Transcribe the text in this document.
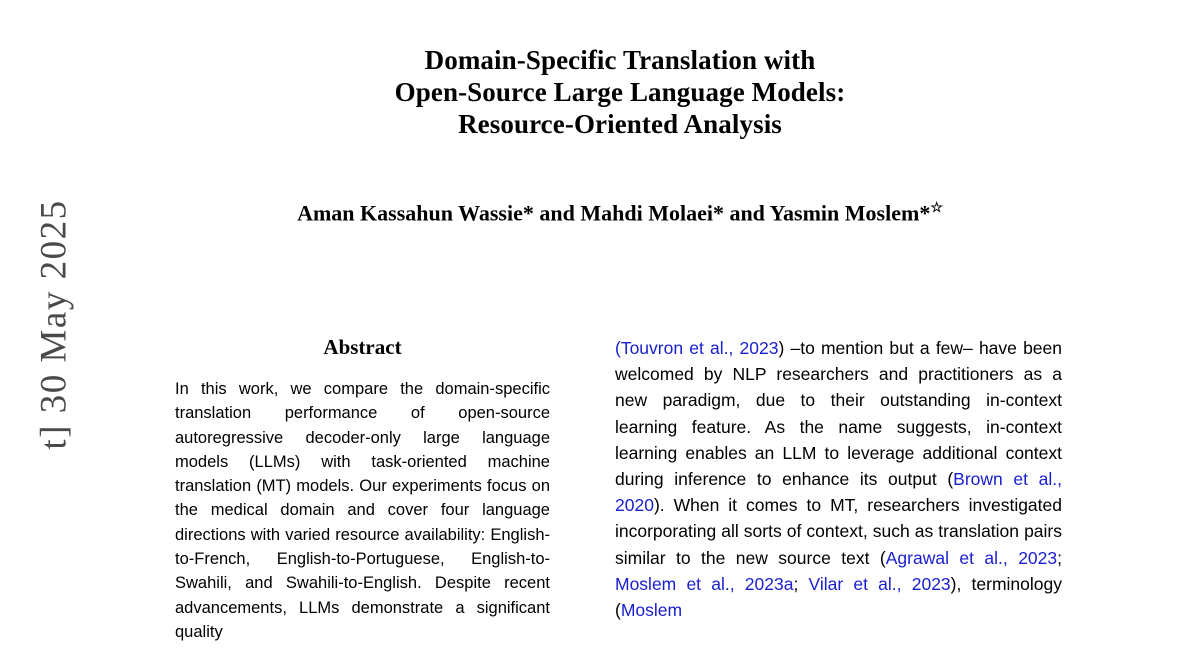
t] 30 May 2025
Domain-Specific Translation with
Open-Source Large Language Models:
Resource-Oriented Analysis
Aman Kassahun Wassie* and Mahdi Molaei* and Yasmin Moslem*☆
Abstract
In this work, we compare the domain-specific translation performance of open-source autoregressive decoder-only large language models (LLMs) with task-oriented machine translation (MT) models. Our experiments focus on the medical domain and cover four language directions with varied resource availability: English-to-French, English-to-Portuguese, English-to-Swahili, and Swahili-to-English. Despite recent advancements, LLMs demonstrate a significant quality
(Touvron et al., 2023) –to mention but a few– have been welcomed by NLP researchers and practitioners as a new paradigm, due to their outstanding in-context learning feature. As the name suggests, in-context learning enables an LLM to leverage additional context during inference to enhance its output (Brown et al., 2020). When it comes to MT, researchers investigated incorporating all sorts of context, such as translation pairs similar to the new source text (Agrawal et al., 2023; Moslem et al., 2023a; Vilar et al., 2023), terminology (Moslem
